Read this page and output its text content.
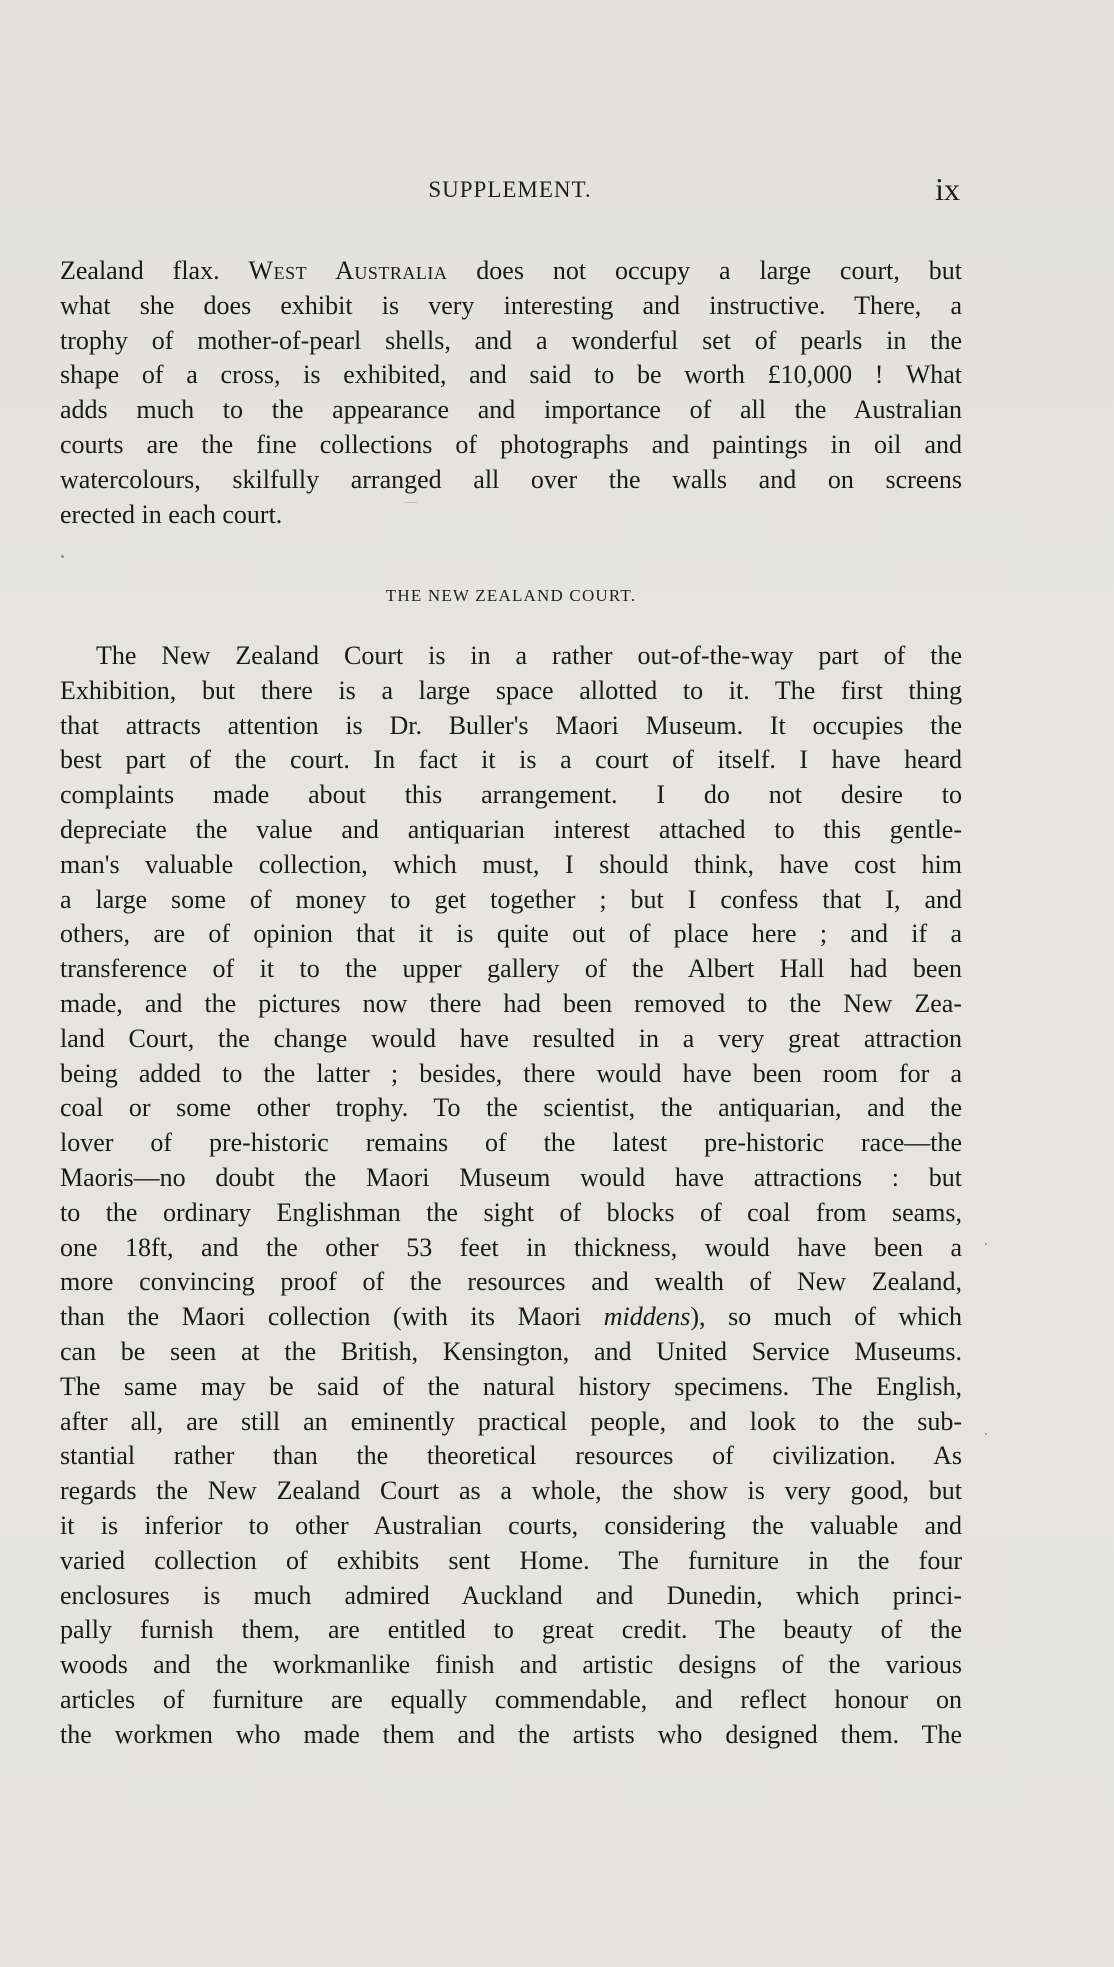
SUPPLEMENT.	ix
Zealand flax. West Australia does not occupy a large court, but
what she does exhibit is very interesting and instructive. There, a
trophy of mother-of-pearl shells, and a wonderful set of pearls in the
shape of a cross, is exhibited, and said to be worth £10,000 ! What
adds much to the appearance and importance of all the Australian
courts are the fine collections of photographs and paintings in oil and
watercolours, skilfully arranged all over the walls and on screens
erected in each court.
THE NEW ZEALAND COURT.
The New Zealand Court is in a rather out-of-the-way part of the
Exhibition, but there is a large space allotted to it. The first thing
that attracts attention is Dr. Buller's Maori Museum. It occupies the
best part of the court. In fact it is a court of itself. I have heard
complaints made about this arrangement. I do not desire to
depreciate the value and antiquarian interest attached to this gentle-
man's valuable collection, which must, I should think, have cost him
a large some of money to get together ; but I confess that I, and
others, are of opinion that it is quite out of place here ; and if a
transference of it to the upper gallery of the Albert Hall had been
made, and the pictures now there had been removed to the New Zea-
land Court, the change would have resulted in a very great attraction
being added to the latter ; besides, there would have been room for a
coal or some other trophy. To the scientist, the antiquarian, and the
lover of pre-historic remains of the latest pre-historic race—the
Maoris—no doubt the Maori Museum would have attractions : but
to the ordinary Englishman the sight of blocks of coal from seams,
one 18ft, and the other 53 feet in thickness, would have been a
more convincing proof of the resources and wealth of New Zealand,
than the Maori collection (with its Maori middens), so much of which
can be seen at the British, Kensington, and United Service Museums.
The same may be said of the natural history specimens. The English,
after all, are still an eminently practical people, and look to the sub-
stantial rather than the theoretical resources of civilization. As
regards the New Zealand Court as a whole, the show is very good, but
it is inferior to other Australian courts, considering the valuable and
varied collection of exhibits sent Home. The furniture in the four
enclosures is much admired Auckland and Dunedin, which princi-
pally furnish them, are entitled to great credit. The beauty of the
woods and the workmanlike finish and artistic designs of the various
articles of furniture are equally commendable, and reflect honour on
the workmen who made them and the artists who designed them. The
